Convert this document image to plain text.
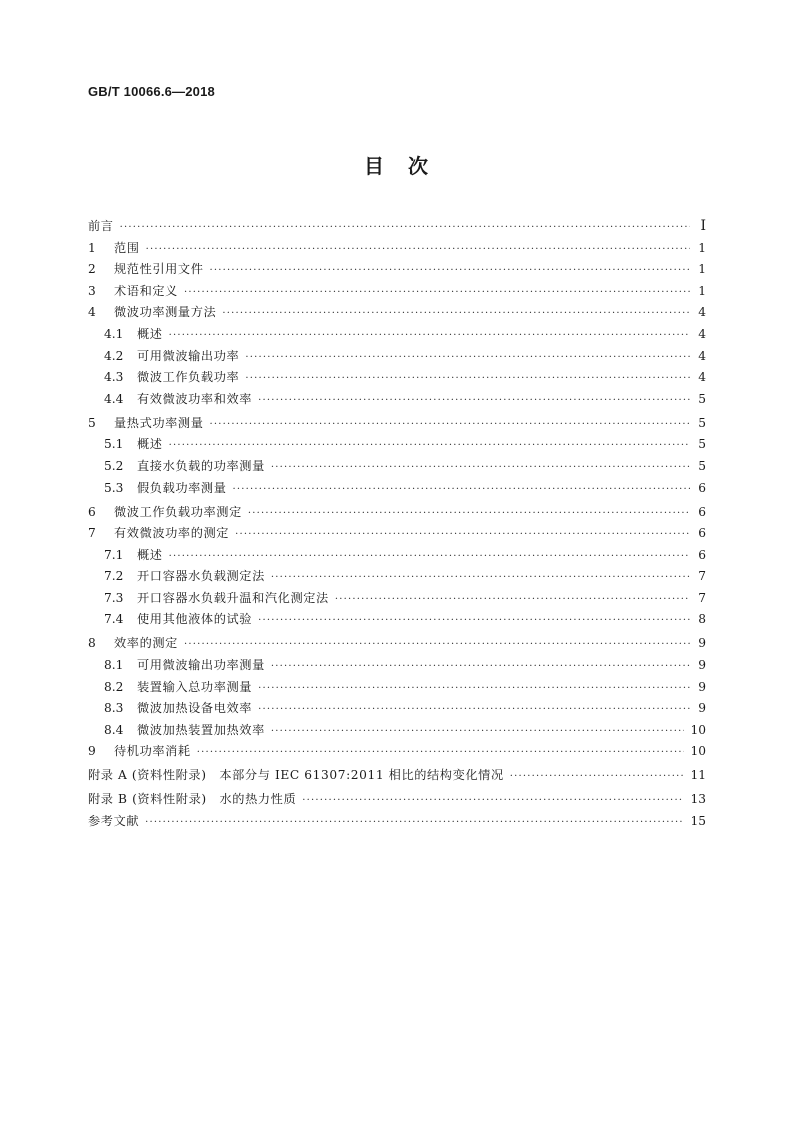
GB/T 10066.6—2018
目　次
前言 ·····	Ⅰ
1	范围 ·····	1
2	规范性引用文件 ·····	1
3	术语和定义 ·····	1
4	微波功率测量方法 ·····	4
4.1	概述 ·····	4
4.2	可用微波输出功率 ·····	4
4.3	微波工作负载功率 ·····	4
4.4	有效微波功率和效率 ·····	5
5	量热式功率测量 ·····	5
5.1	概述 ·····	5
5.2	直接水负载的功率测量 ·····	5
5.3	假负载功率测量 ·····	6
6	微波工作负载功率测定 ·····	6
7	有效微波功率的测定 ·····	6
7.1	概述 ·····	6
7.2	开口容器水负载测定法 ·····	7
7.3	开口容器水负载升温和汽化测定法 ·····	7
7.4	使用其他液体的试验 ·····	8
8	效率的测定 ·····	9
8.1	可用微波输出功率测量 ·····	9
8.2	装置输入总功率测量 ·····	9
8.3	微波加热设备电效率 ·····	9
8.4	微波加热装置加热效率 ·····	10
9	待机功率消耗 ·····	10
附录 A (资料性附录)　本部分与 IEC 61307:2011 相比的结构变化情况 ·····	11
附录 B (资料性附录)　水的热力性质 ·····	13
参考文献 ·····	15
